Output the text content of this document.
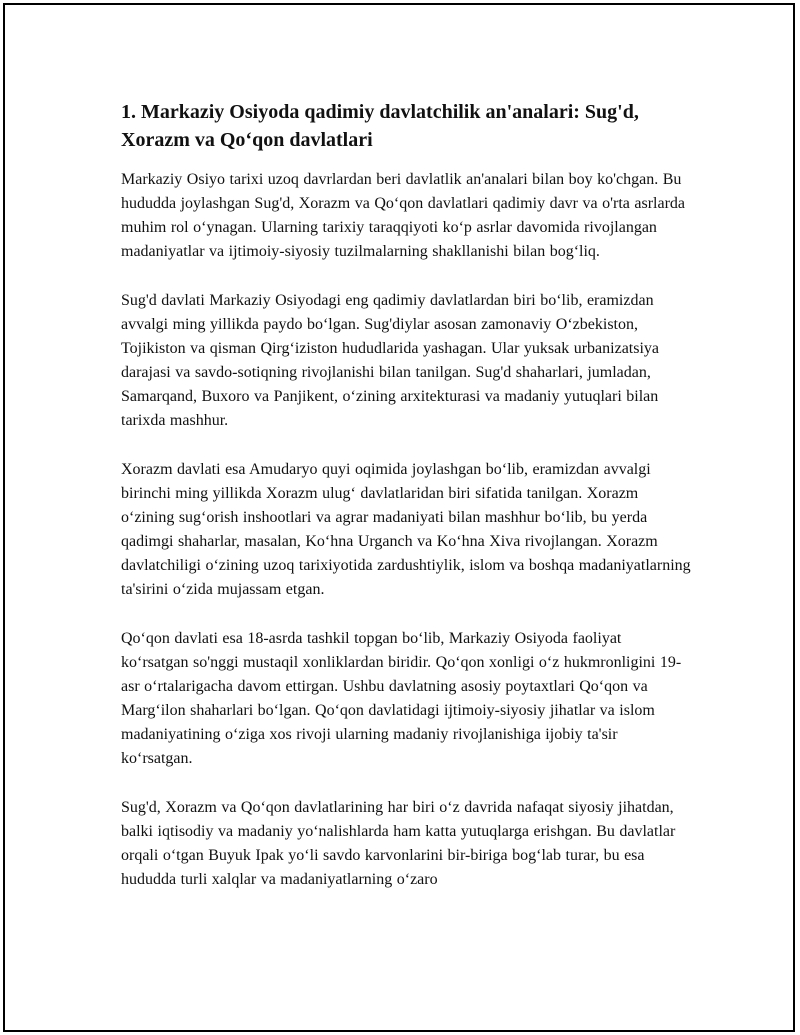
1. Markaziy Osiyoda qadimiy davlatchilik an'analari: Sug'd, Xorazm va Qo‘qon davlatlari

Markaziy Osiyo tarixi uzoq davrlardan beri davlatlik an'analari bilan boy ko'chgan. Bu hududda joylashgan Sug'd, Xorazm va Qo‘qon davlatlari qadimiy davr va o'rta asrlarda muhim rol o‘ynagan. Ularning tarixiy taraqqiyoti ko‘p asrlar davomida rivojlangan madaniyatlar va ijtimoiy-siyosiy tuzilmalarning shakllanishi bilan bog‘liq.

Sug'd davlati Markaziy Osiyodagi eng qadimiy davlatlardan biri bo‘lib, eramizdan avvalgi ming yillikda paydo bo‘lgan. Sug'diylar asosan zamonaviy O‘zbekiston, Tojikiston va qisman Qirg‘iziston hududlarida yashagan. Ular yuksak urbanizatsiya darajasi va savdo-sotiqning rivojlanishi bilan tanilgan. Sug'd shaharlari, jumladan, Samarqand, Buxoro va Panjikent, o‘zining arxitekturasi va madaniy yutuqlari bilan tarixda mashhur.

Xorazm davlati esa Amudaryo quyi oqimida joylashgan bo‘lib, eramizdan avvalgi birinchi ming yillikda Xorazm ulug‘ davlatlaridan biri sifatida tanilgan. Xorazm o‘zining sug‘orish inshootlari va agrar madaniyati bilan mashhur bo‘lib, bu yerda qadimgi shaharlar, masalan, Ko‘hna Urganch va Ko‘hna Xiva rivojlangan. Xorazm davlatchiligi o‘zining uzoq tarixiyotida zardushtiylik, islom va boshqa madaniyatlarning ta'sirini o‘zida mujassam etgan.

Qo‘qon davlati esa 18-asrda tashkil topgan bo‘lib, Markaziy Osiyoda faoliyat ko‘rsatgan so'nggi mustaqil xonliklardan biridir. Qo‘qon xonligi o‘z hukmronligini 19-asr o‘rtalarigacha davom ettirgan. Ushbu davlatning asosiy poytaxtlari Qo‘qon va Marg‘ilon shaharlari bo‘lgan. Qo‘qon davlatidagi ijtimoiy-siyosiy jihatlar va islom madaniyatining o‘ziga xos rivoji ularning madaniy rivojlanishiga ijobiy ta'sir ko‘rsatgan.

Sug'd, Xorazm va Qo‘qon davlatlarining har biri o‘z davrida nafaqat siyosiy jihatdan, balki iqtisodiy va madaniy yo‘nalishlarda ham katta yutuqlarga erishgan. Bu davlatlar orqali o‘tgan Buyuk Ipak yo‘li savdo karvonlarini bir-biriga bog‘lab turar, bu esa hududda turli xalqlar va madaniyatlarning o‘zaro
